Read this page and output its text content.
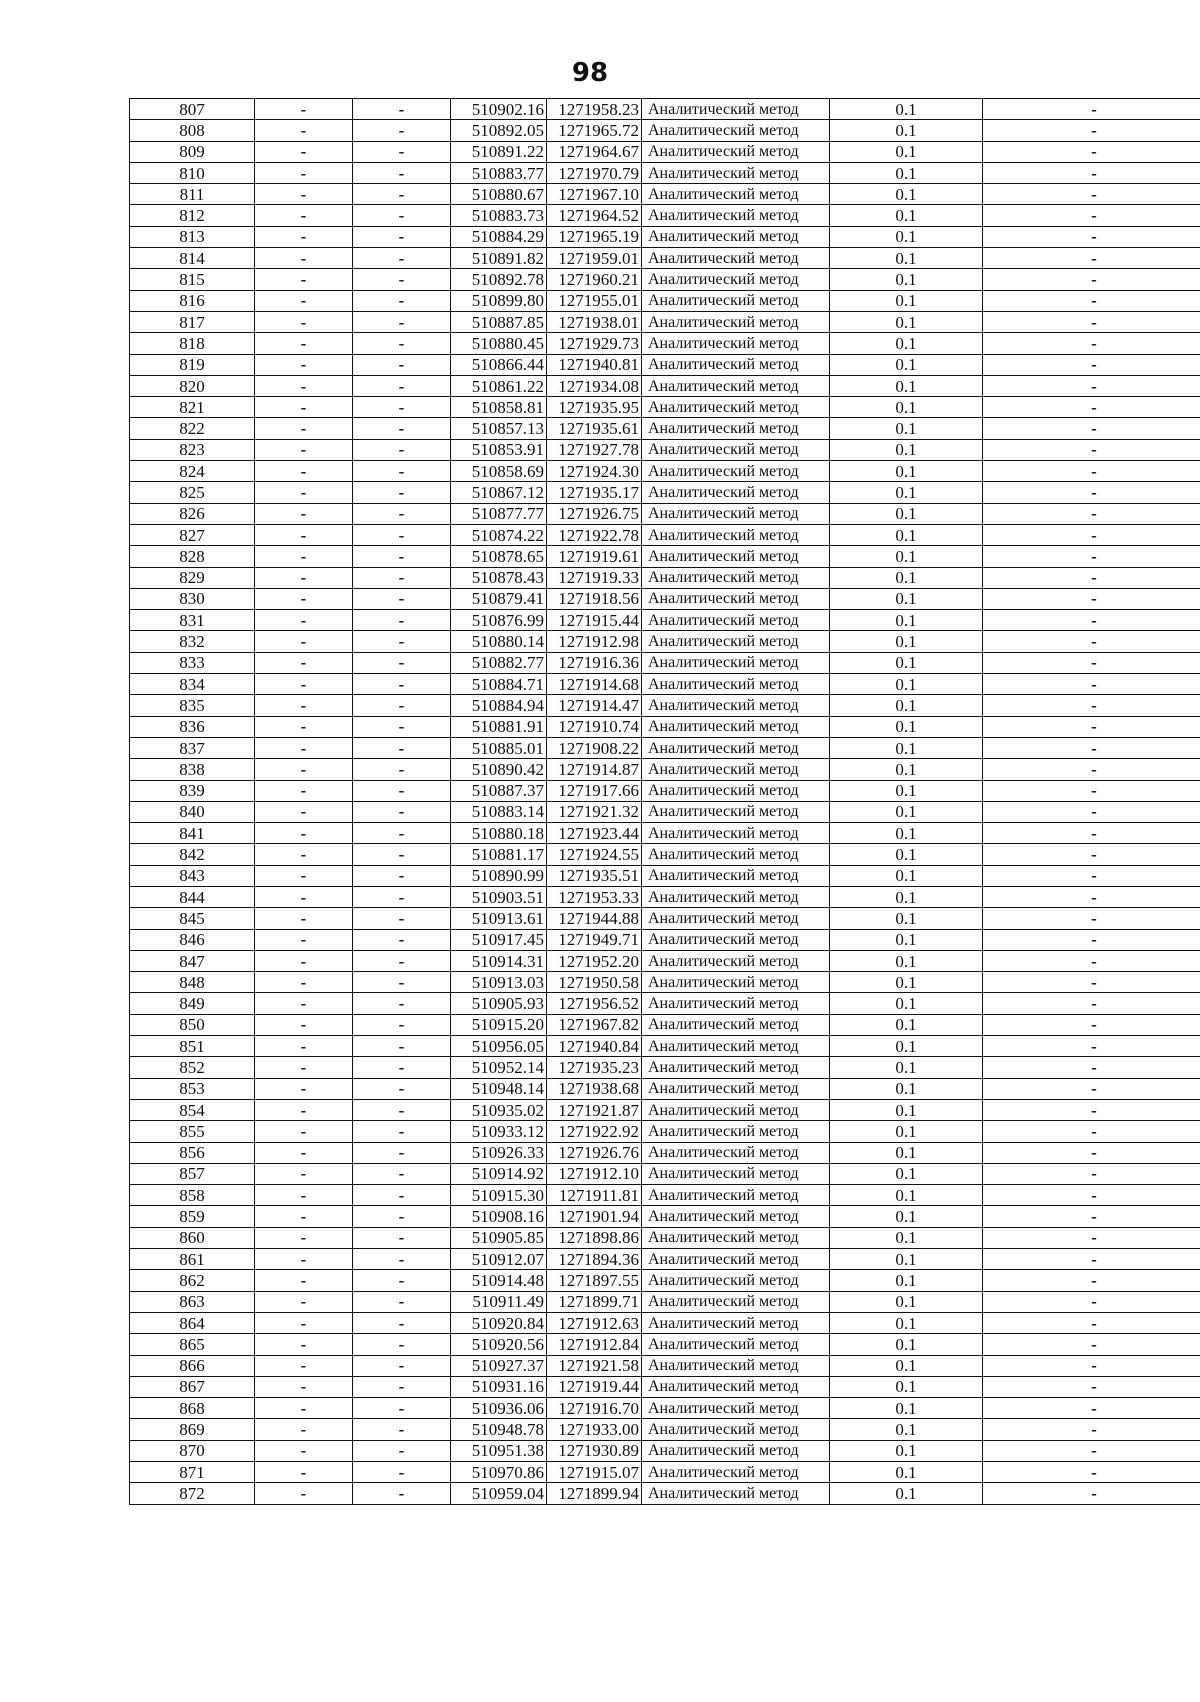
98
807	-	-	510902.16	1271958.23	Аналитический метод	0.1	-
808	-	-	510892.05	1271965.72	Аналитический метод	0.1	-
809	-	-	510891.22	1271964.67	Аналитический метод	0.1	-
810	-	-	510883.77	1271970.79	Аналитический метод	0.1	-
811	-	-	510880.67	1271967.10	Аналитический метод	0.1	-
812	-	-	510883.73	1271964.52	Аналитический метод	0.1	-
813	-	-	510884.29	1271965.19	Аналитический метод	0.1	-
814	-	-	510891.82	1271959.01	Аналитический метод	0.1	-
815	-	-	510892.78	1271960.21	Аналитический метод	0.1	-
816	-	-	510899.80	1271955.01	Аналитический метод	0.1	-
817	-	-	510887.85	1271938.01	Аналитический метод	0.1	-
818	-	-	510880.45	1271929.73	Аналитический метод	0.1	-
819	-	-	510866.44	1271940.81	Аналитический метод	0.1	-
820	-	-	510861.22	1271934.08	Аналитический метод	0.1	-
821	-	-	510858.81	1271935.95	Аналитический метод	0.1	-
822	-	-	510857.13	1271935.61	Аналитический метод	0.1	-
823	-	-	510853.91	1271927.78	Аналитический метод	0.1	-
824	-	-	510858.69	1271924.30	Аналитический метод	0.1	-
825	-	-	510867.12	1271935.17	Аналитический метод	0.1	-
826	-	-	510877.77	1271926.75	Аналитический метод	0.1	-
827	-	-	510874.22	1271922.78	Аналитический метод	0.1	-
828	-	-	510878.65	1271919.61	Аналитический метод	0.1	-
829	-	-	510878.43	1271919.33	Аналитический метод	0.1	-
830	-	-	510879.41	1271918.56	Аналитический метод	0.1	-
831	-	-	510876.99	1271915.44	Аналитический метод	0.1	-
832	-	-	510880.14	1271912.98	Аналитический метод	0.1	-
833	-	-	510882.77	1271916.36	Аналитический метод	0.1	-
834	-	-	510884.71	1271914.68	Аналитический метод	0.1	-
835	-	-	510884.94	1271914.47	Аналитический метод	0.1	-
836	-	-	510881.91	1271910.74	Аналитический метод	0.1	-
837	-	-	510885.01	1271908.22	Аналитический метод	0.1	-
838	-	-	510890.42	1271914.87	Аналитический метод	0.1	-
839	-	-	510887.37	1271917.66	Аналитический метод	0.1	-
840	-	-	510883.14	1271921.32	Аналитический метод	0.1	-
841	-	-	510880.18	1271923.44	Аналитический метод	0.1	-
842	-	-	510881.17	1271924.55	Аналитический метод	0.1	-
843	-	-	510890.99	1271935.51	Аналитический метод	0.1	-
844	-	-	510903.51	1271953.33	Аналитический метод	0.1	-
845	-	-	510913.61	1271944.88	Аналитический метод	0.1	-
846	-	-	510917.45	1271949.71	Аналитический метод	0.1	-
847	-	-	510914.31	1271952.20	Аналитический метод	0.1	-
848	-	-	510913.03	1271950.58	Аналитический метод	0.1	-
849	-	-	510905.93	1271956.52	Аналитический метод	0.1	-
850	-	-	510915.20	1271967.82	Аналитический метод	0.1	-
851	-	-	510956.05	1271940.84	Аналитический метод	0.1	-
852	-	-	510952.14	1271935.23	Аналитический метод	0.1	-
853	-	-	510948.14	1271938.68	Аналитический метод	0.1	-
854	-	-	510935.02	1271921.87	Аналитический метод	0.1	-
855	-	-	510933.12	1271922.92	Аналитический метод	0.1	-
856	-	-	510926.33	1271926.76	Аналитический метод	0.1	-
857	-	-	510914.92	1271912.10	Аналитический метод	0.1	-
858	-	-	510915.30	1271911.81	Аналитический метод	0.1	-
859	-	-	510908.16	1271901.94	Аналитический метод	0.1	-
860	-	-	510905.85	1271898.86	Аналитический метод	0.1	-
861	-	-	510912.07	1271894.36	Аналитический метод	0.1	-
862	-	-	510914.48	1271897.55	Аналитический метод	0.1	-
863	-	-	510911.49	1271899.71	Аналитический метод	0.1	-
864	-	-	510920.84	1271912.63	Аналитический метод	0.1	-
865	-	-	510920.56	1271912.84	Аналитический метод	0.1	-
866	-	-	510927.37	1271921.58	Аналитический метод	0.1	-
867	-	-	510931.16	1271919.44	Аналитический метод	0.1	-
868	-	-	510936.06	1271916.70	Аналитический метод	0.1	-
869	-	-	510948.78	1271933.00	Аналитический метод	0.1	-
870	-	-	510951.38	1271930.89	Аналитический метод	0.1	-
871	-	-	510970.86	1271915.07	Аналитический метод	0.1	-
872	-	-	510959.04	1271899.94	Аналитический метод	0.1	-
